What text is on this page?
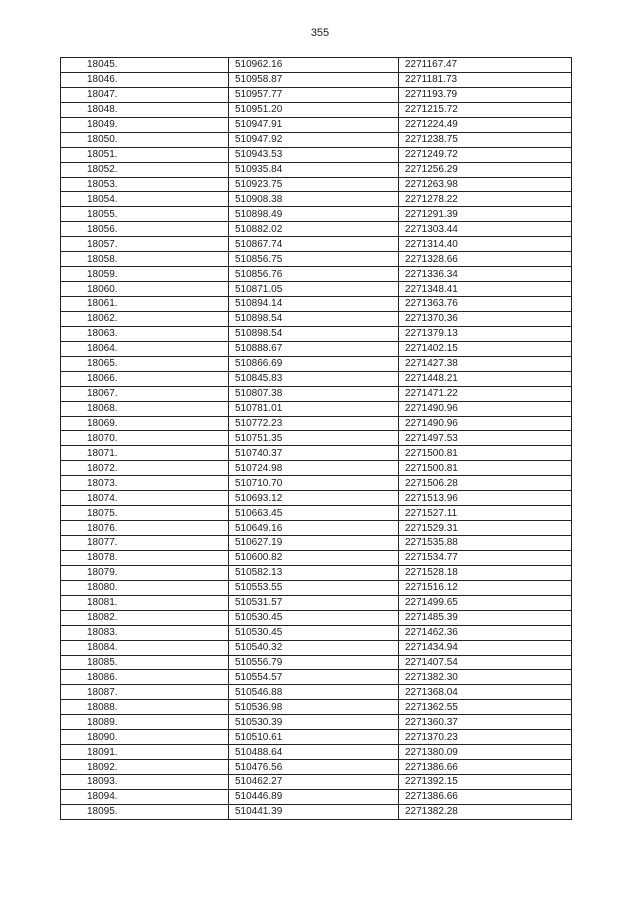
355
18045.	510962.16	2271167.47
18046.	510958.87	2271181.73
18047.	510957.77	2271193.79
18048.	510951.20	2271215.72
18049.	510947.91	2271224.49
18050.	510947.92	2271238.75
18051.	510943.53	2271249.72
18052.	510935.84	2271256.29
18053.	510923.75	2271263.98
18054.	510908.38	2271278.22
18055.	510898.49	2271291.39
18056.	510882.02	2271303.44
18057.	510867.74	2271314.40
18058.	510856.75	2271328.66
18059.	510856.76	2271336.34
18060.	510871.05	2271348.41
18061.	510894.14	2271363.76
18062.	510898.54	2271370.36
18063.	510898.54	2271379.13
18064.	510888.67	2271402.15
18065.	510866.69	2271427.38
18066.	510845.83	2271448.21
18067.	510807.38	2271471.22
18068.	510781.01	2271490.96
18069.	510772.23	2271490.96
18070.	510751.35	2271497.53
18071.	510740.37	2271500.81
18072.	510724.98	2271500.81
18073.	510710.70	2271506.28
18074.	510693.12	2271513.96
18075.	510663.45	2271527.11
18076.	510649.16	2271529.31
18077.	510627.19	2271535.88
18078.	510600.82	2271534.77
18079.	510582.13	2271528.18
18080.	510553.55	2271516.12
18081.	510531.57	2271499.65
18082.	510530.45	2271485.39
18083.	510530.45	2271462.36
18084.	510540.32	2271434.94
18085.	510556.79	2271407.54
18086.	510554.57	2271382.30
18087.	510546.88	2271368.04
18088.	510536.98	2271362.55
18089.	510530.39	2271360.37
18090.	510510.61	2271370.23
18091.	510488.64	2271380.09
18092.	510476.56	2271386.66
18093.	510462.27	2271392.15
18094.	510446.89	2271386.66
18095.	510441.39	2271382.28
